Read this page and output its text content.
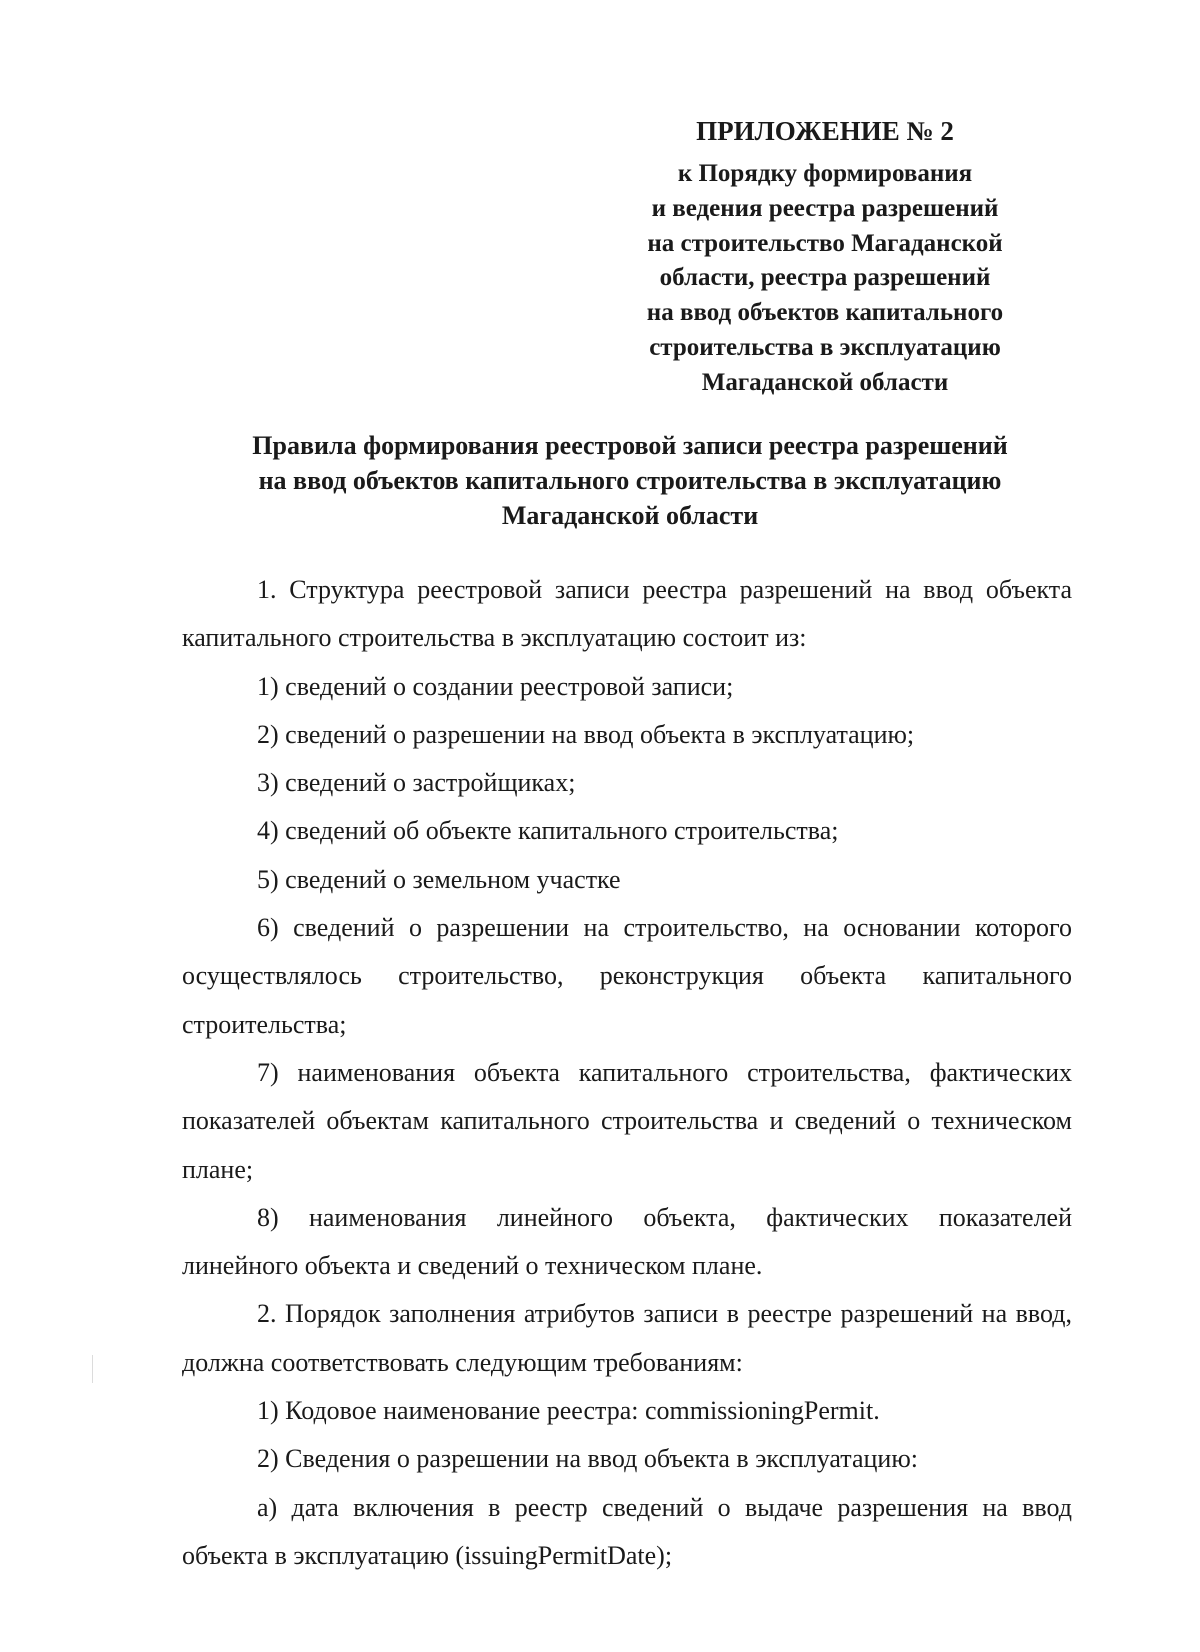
ПРИЛОЖЕНИЕ № 2
к Порядку формирования
и ведения реестра разрешений
на строительство Магаданской
области, реестра разрешений
на ввод объектов капитального
строительства в эксплуатацию
Магаданской области
Правила формирования реестровой записи реестра разрешений
на ввод объектов капитального строительства в эксплуатацию
Магаданской области

1. Структура реестровой записи реестра разрешений на ввод объекта капитального строительства в эксплуатацию состоит из:

1) сведений о создании реестровой записи;

2) сведений о разрешении на ввод объекта в эксплуатацию;

3) сведений о застройщиках;

4) сведений об объекте капитального строительства;

5) сведений о земельном участке

6) сведений о разрешении на строительство, на основании которого осуществлялось строительство, реконструкция объекта капитального строительства;

7) наименования объекта капитального строительства, фактических показателей объектам капитального строительства и сведений о техническом плане;

8) наименования линейного объекта, фактических показателей линейного объекта и сведений о техническом плане.

2. Порядок заполнения атрибутов записи в реестре разрешений на ввод, должна соответствовать следующим требованиям:

1) Кодовое наименование реестра: commissioningPermit.

2) Сведения о разрешении на ввод объекта в эксплуатацию:

а) дата включения в реестр сведений о выдаче разрешения на ввод объекта в эксплуатацию (issuingPermitDate);
